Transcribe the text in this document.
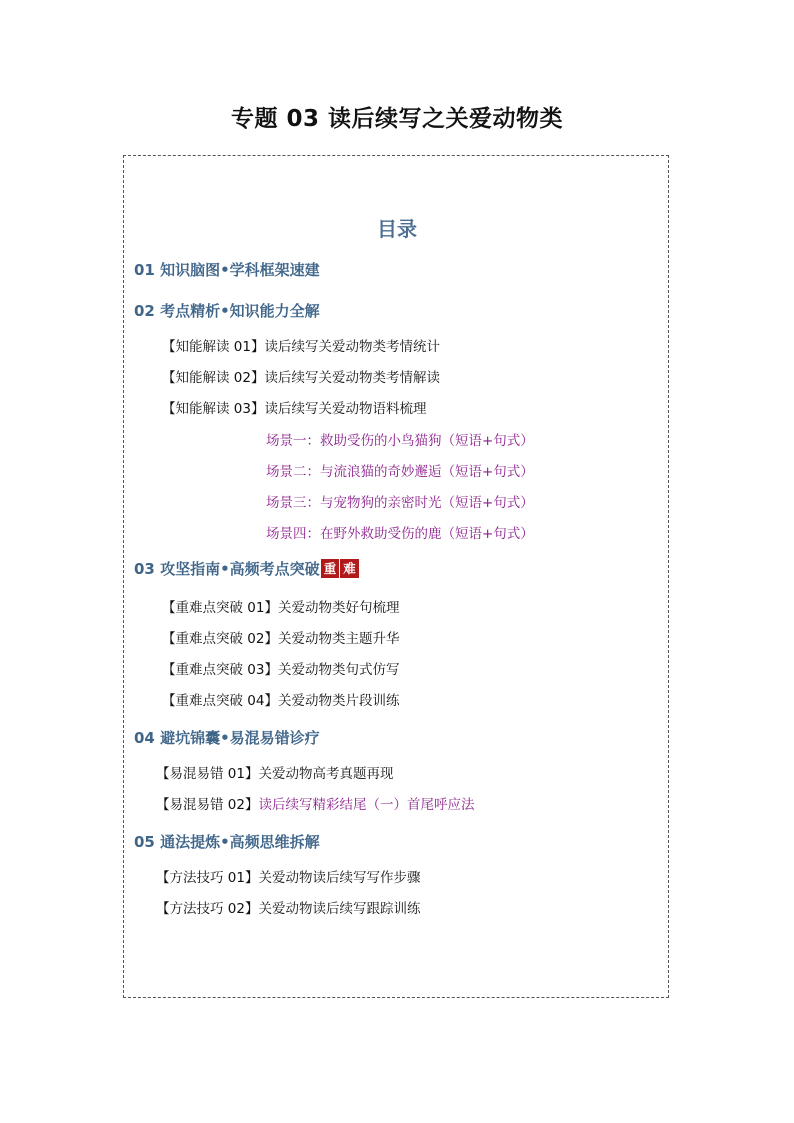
专题 03 读后续写之关爱动物类
目录
01 知识脑图•学科框架速建
02 考点精析•知识能力全解
【知能解读 01】读后续写关爱动物类考情统计
【知能解读 02】读后续写关爱动物类考情解读
【知能解读 03】读后续写关爱动物语料梳理
场景一：救助受伤的小鸟猫狗（短语+句式）
场景二：与流浪猫的奇妙邂逅（短语+句式）
场景三：与宠物狗的亲密时光（短语+句式）
场景四：在野外救助受伤的鹿（短语+句式）
03 攻坚指南•高频考点突破 重 难
【重难点突破 01】关爱动物类好句梳理
【重难点突破 02】关爱动物类主题升华
【重难点突破 03】关爱动物类句式仿写
【重难点突破 04】关爱动物类片段训练
04 避坑锦囊•易混易错诊疗
【易混易错 01】关爱动物高考真题再现
【易混易错 02】读后续写精彩结尾（一）首尾呼应法
05 通法提炼•高频思维拆解
【方法技巧 01】关爱动物读后续写写作步骤
【方法技巧 02】关爱动物读后续写跟踪训练
